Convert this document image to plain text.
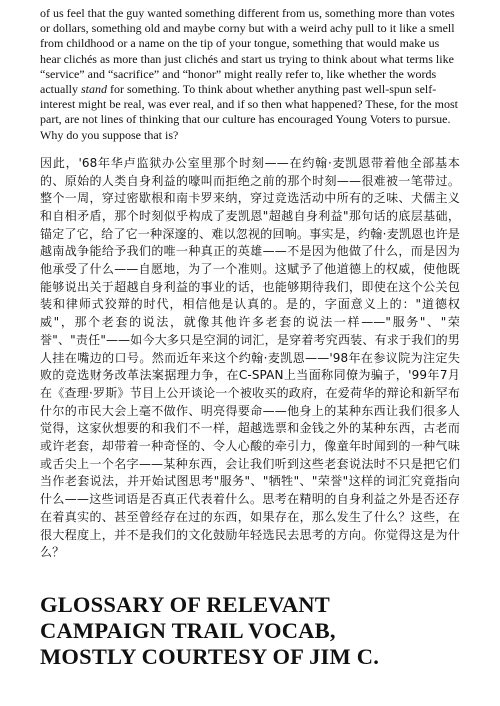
of us feel that the guy wanted something different from us, something more than votes or dollars, something old and maybe corny but with a weird achy pull to it like a smell from childhood or a name on the tip of your tongue, something that would make us hear clichés as more than just clichés and start us trying to think about what terms like “service” and “sacrifice” and “honor” might really refer to, like whether the words actually stand for something. To think about whether anything past well-spun self-interest might be real, was ever real, and if so then what happened? These, for the most part, are not lines of thinking that our culture has encouraged Young Voters to pursue. Why do you suppose that is?

因此，'68年华卢监狱办公室里那个时刻——在约翰·麦凯恩带着他全部基本的、原始的人类自身利益的嚎叫而拒绝之前的那个时刻——很难被一笔带过。整个一周，穿过密歇根和南卡罗来纳，穿过竞选活动中所有的乏味、犬儒主义和自相矛盾，那个时刻似乎构成了麦凯恩"超越自身利益"那句话的底层基础，锚定了它，给了它一种深邃的、难以忽视的回响。事实是，约翰·麦凯恩也许是越南战争能给予我们的唯一种真正的英雄——不是因为他做了什么，而是因为他承受了什么——自愿地，为了一个准则。这赋予了他道德上的权威，使他既能够说出关于超越自身利益的事业的话，也能够期待我们，即使在这个公关包装和律师式狡辩的时代，相信他是认真的。是的，字面意义上的："道德权威"，那个老套的说法，就像其他许多老套的说法一样——"服务"、"荣誉"、"责任"——如今大多只是空洞的词汇，是穿着考究西装、有求于我们的男人挂在嘴边的口号。然而近年来这个约翰·麦凯恩——'98年在参议院为注定失败的竞选财务改革法案据理力争，在C-SPAN上当面称同僚为骗子，'99年7月在《查理·罗斯》节目上公开谈论一个被收买的政府，在爱荷华的辩论和新罕布什尔的市民大会上毫不做作、明亮得要命——他身上的某种东西让我们很多人觉得，这家伙想要的和我们不一样，超越选票和金钱之外的某种东西，古老而或许老套，却带着一种奇怪的、令人心酸的牵引力，像童年时闻到的一种气味或舌尖上一个名字——某种东西，会让我们听到这些老套说法时不只是把它们当作老套说法，并开始试图思考"服务"、"牺牲"、"荣誉"这样的词汇究竟指向什么——这些词语是否真正代表着什么。思考在精明的自身利益之外是否还存在着真实的、甚至曾经存在过的东西，如果存在，那么发生了什么？这些，在很大程度上，并不是我们的文化鼓励年轻选民去思考的方向。你觉得这是为什么？

GLOSSARY OF RELEVANT
CAMPAIGN TRAIL VOCAB,
MOSTLY COURTESY OF JIM C.
